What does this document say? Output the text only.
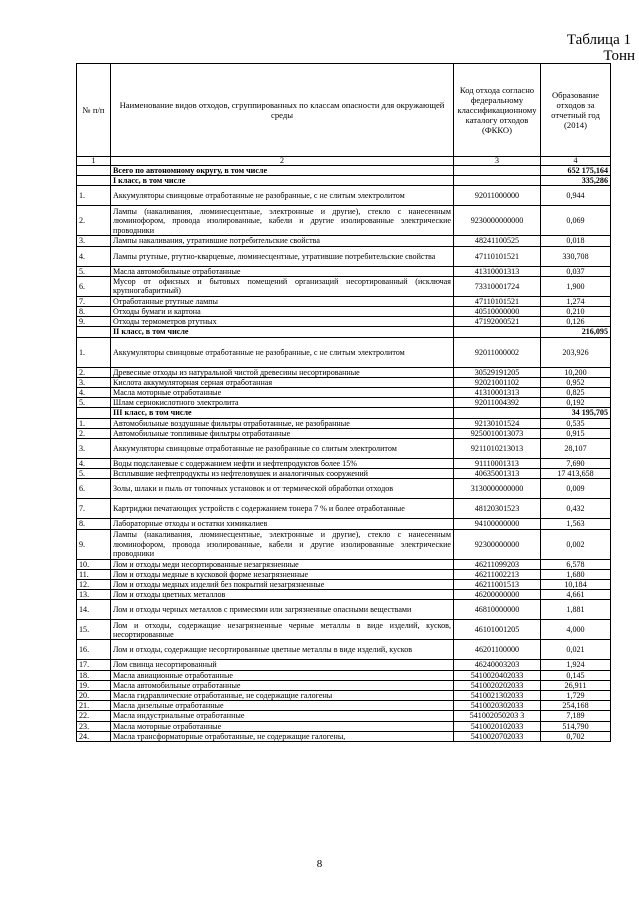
Таблица 1
Тонн
№ п/п	Наименование видов отходов, сгруппированных по классам опасности для окружающей среды	Код отхода согласно федеральному классификационному каталогу отходов (ФККО)	Образование отходов за отчетный год (2014)
1	2	3	4
	Всего по автономному округу, в том числе		652 175,164
	I класс, в том числе		335,286
1.	Аккумуляторы свинцовые отработанные не разобранные, с не слитым электролитом	92011000000	0,944
2.	Лампы (накаливания, люминесцентные, электронные и другие), стекло с нанесенным люминофором, провода изолированные, кабели и другие изолированные электрические проводники	9230000000000	0,069
3.	Лампы накаливания, утратившие потребительские свойства	48241100525	0,018
4.	Лампы ртутные, ртутно-кварцевые, люминесцентные, утратившие потребительские свойства	47110101521	330,708
5.	Масла автомобильные отработанные	41310001313	0,037
6.	Мусор от офисных и бытовых помещений организаций несортированный (исключая крупногабаритный)	73310001724	1,900
7.	Отработанные ртутные лампы	47110101521	1,274
8.	Отходы бумаги и картона	40510000000	0,210
9.	Отходы термометров ртутных	47192000521	0,126
	II класс, в том числе		216,095
1.	Аккумуляторы свинцовые отработанные не разобранные, с не слитым электролитом	92011000002	203,926
2.	Древесные отходы из натуральной чистой древесины несортированные	30529191205	10,200
3.	Кислота аккумуляторная серная отработанная	92021001102	0,952
4.	Масла моторные отработанные	41310001313	0,825
5.	Шлам сернокислотного электролита	92011004392	0,192
	III класс, в том числе		34 195,705
1.	Автомобильные воздушные фильтры отработанные, не разобранные	92130101524	0,535
2.	Автомобильные топливные фильтры отработанные	9250010013073	0,915
3.	Аккумуляторы свинцовые отработанные не разобранные со слитым электролитом	9211010213013	28,107
4.	Воды подсланевые с содержанием нефти и нефтепродуктов более 15%	91110001313	7,690
5.	Всплывшие нефтепродукты из нефтеловушек и аналогичных сооружений	40635001313	17 413,658
6.	Золы, шлаки и пыль от топочных установок и от термической обработки отходов	3130000000000	0,009
7.	Картриджи печатающих устройств с содержанием тонера 7 % и более отработанные	48120301523	0,432
8.	Лабораторные отходы и остатки химикалиев	94100000000	1,563
9.	Лампы (накаливания, люминесцентные, электронные и другие), стекло с нанесенным люминофором, провода изолированные, кабели и другие изолированные электрические проводники	92300000000	0,002
10.	Лом и отходы меди несортированные незагрязненные	46211099203	6,578
11.	Лом и отходы медные в кусковой форме незагрязненные	46211002213	1,680
12.	Лом и отходы медных изделий без покрытий незагрязненные	46211001513	10,184
13.	Лом и отходы цветных металлов	46200000000	4,661
14.	Лом и отходы черных металлов с примесями или загрязненные опасными веществами	46810000000	1,881
15.	Лом и отходы, содержащие незагрязненные черные металлы в виде изделий, кусков, несортированные	46101001205	4,000
16.	Лом и отходы, содержащие несортированные цветные металлы в виде изделий, кусков	46201100000	0,021
17.	Лом свинца несортированный	46240003203	1,924
18.	Масла авиационные отработанные	5410020402033	0,145
19.	Масла автомобильные отработанные	5410020202033	26,911
20.	Масла гидравлические отработанные, не содержащие галогены	5410021302033	1,729
21.	Масла дизельные отработанные	541002030203З	254,168
22.	Масла индустриальные отработанные	541002050203 3	7,189
23.	Масла моторные отработанные	5410020102033	514,790
24.	Масла трансформаторные отработанные, не содержащие галогены,	5410020702033	0,702
8
